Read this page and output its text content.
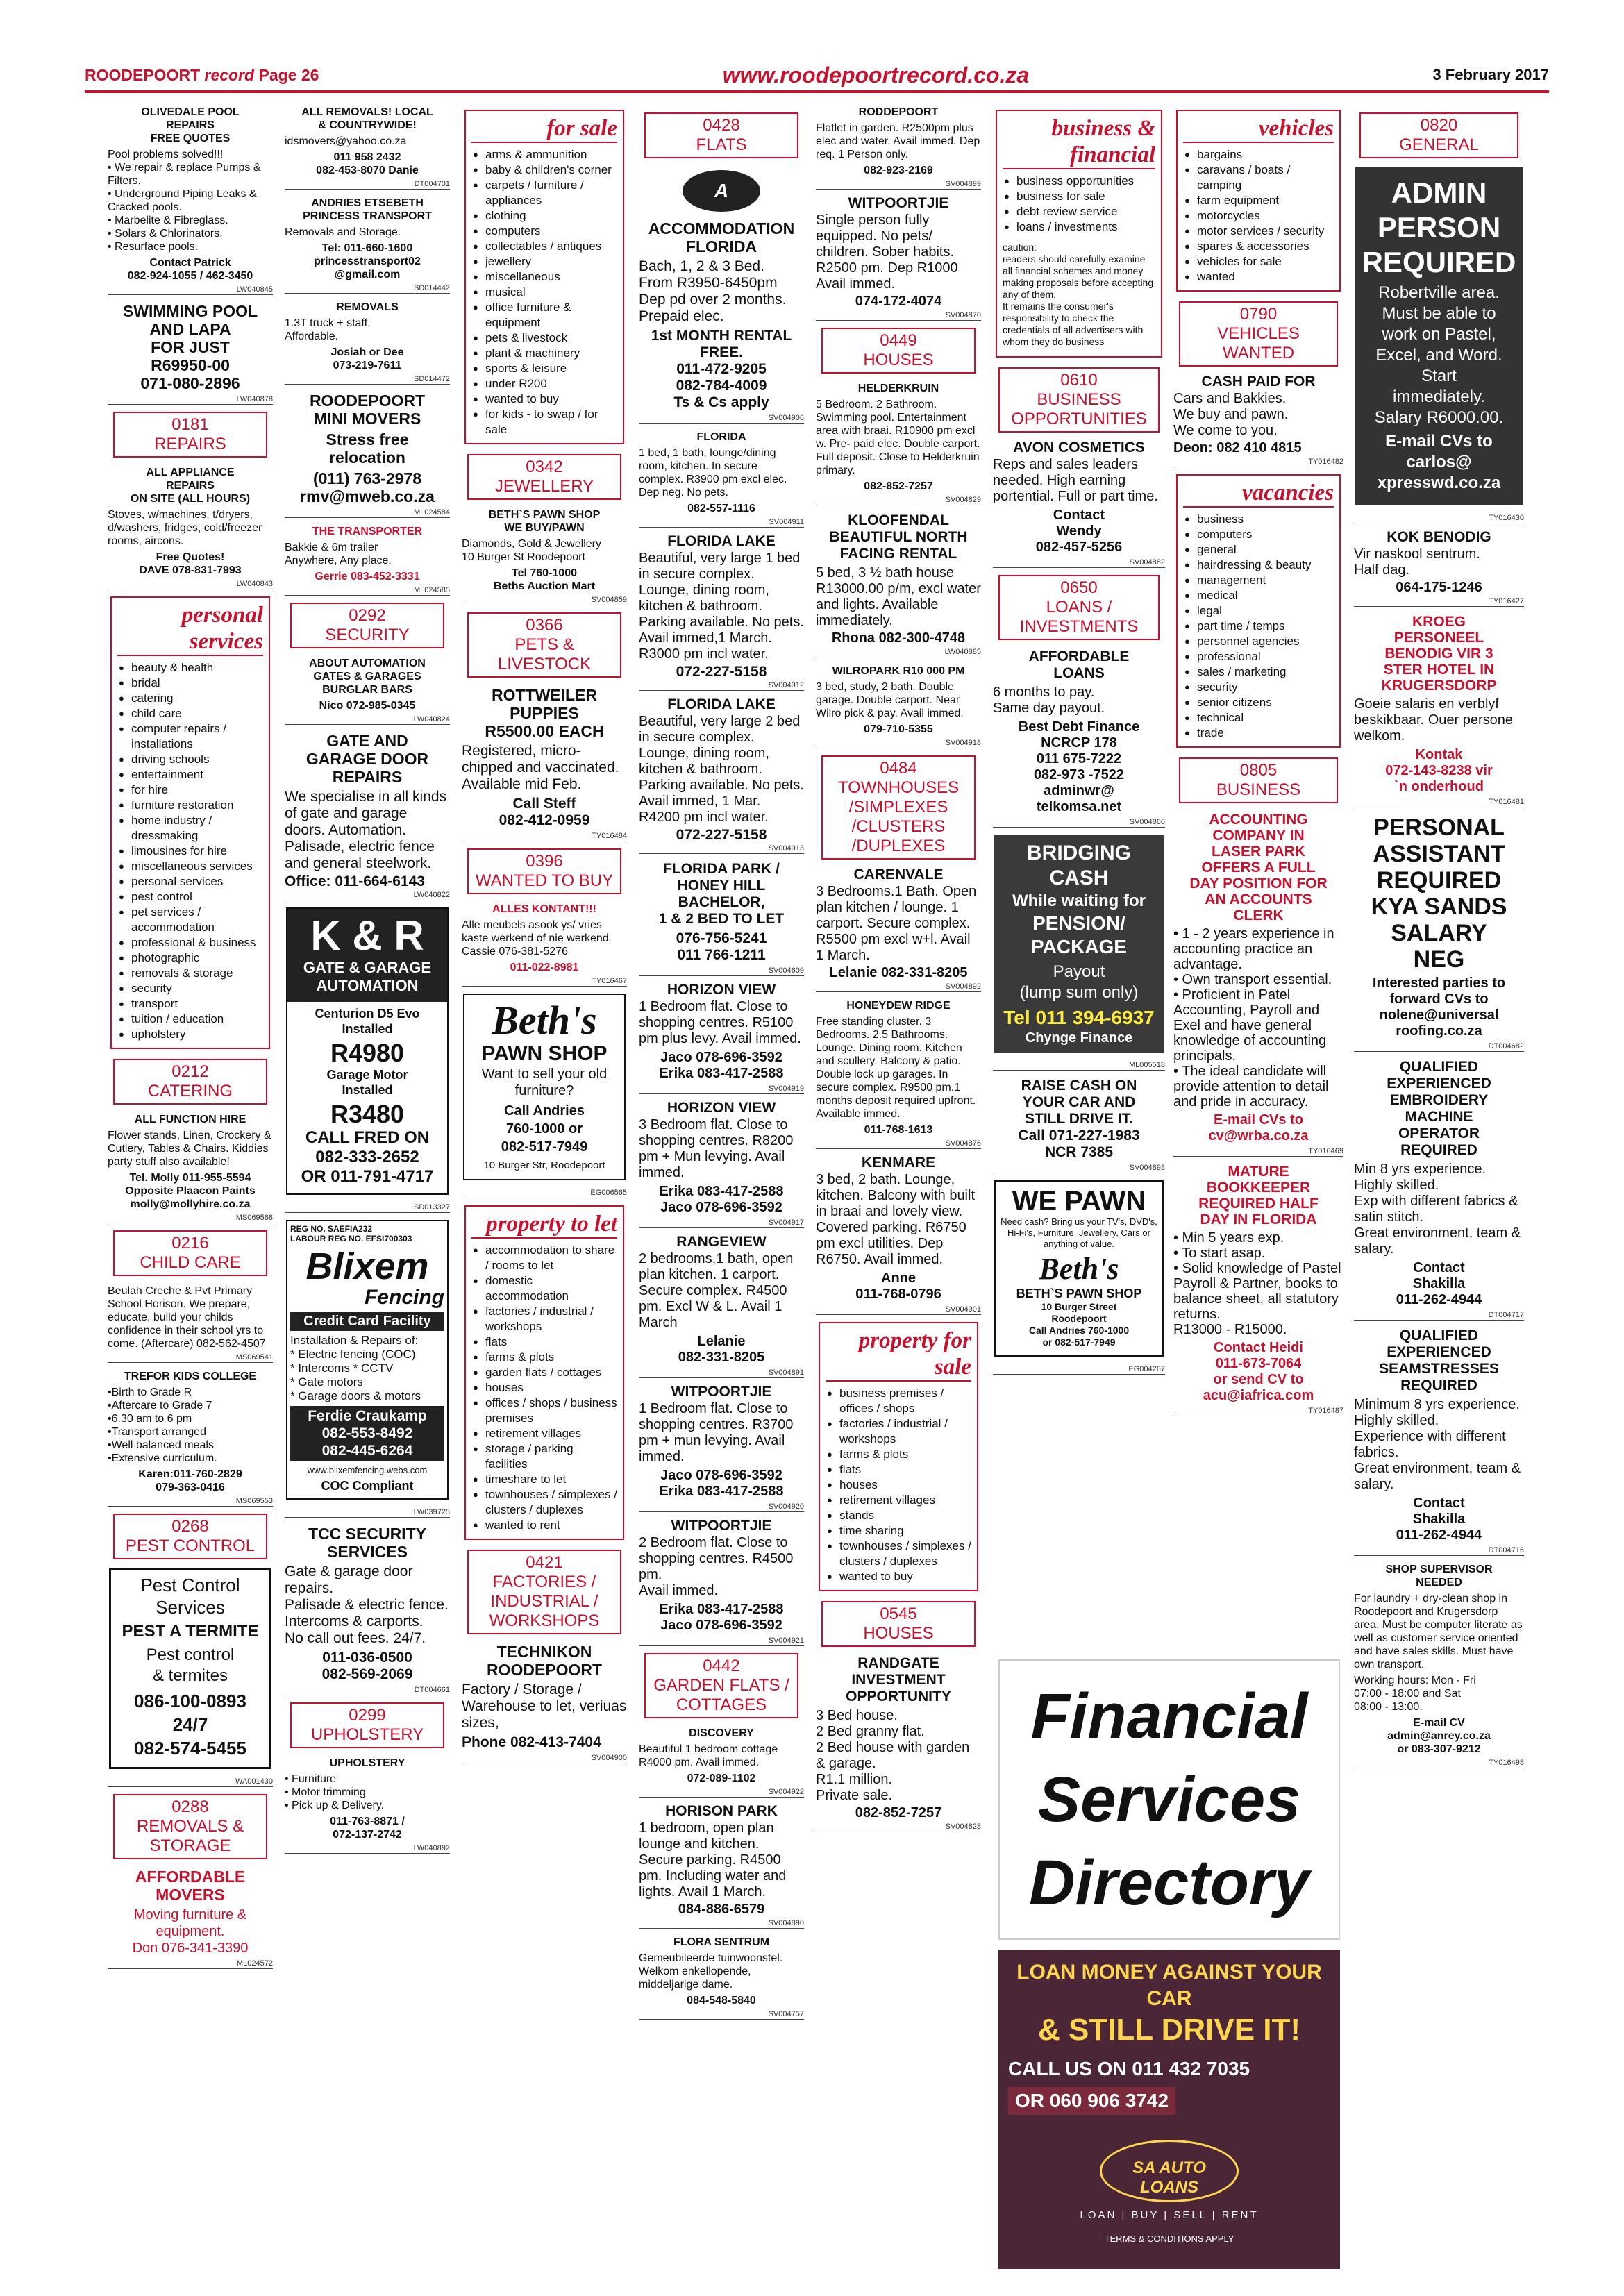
ROODEPOORT record Page 26	www.roodepoortrecord.co.za	3 February 2017
OLIVEDALE POOL
REPAIRS
FREE QUOTES
Pool problems solved!!!
• We repair & replace Pumps & Filters.
• Underground Piping Leaks & Cracked pools.
• Marbelite & Fibreglass.
• Solars & Chlorinators.
• Resurface pools.
Contact Patrick
082-924-1055 / 462-3450
LW040845
SWIMMING POOL
AND LAPA
FOR JUST
R69950-00
071-080-2896
LW040878
0181
REPAIRS
ALL APPLIANCE
REPAIRS
ON SITE (ALL HOURS)
Stoves, w/machines, t/dryers, d/washers, fridges, cold/freezer rooms, aircons.
Free Quotes!
DAVE 078-831-7993
LW040843
personal services
● beauty & health
● bridal
● catering
● child care
● computer repairs / installations
● driving schools
● entertainment
● for hire
● furniture restoration
● home industry / dressmaking
● limousines for hire
● miscellaneous services
● personal services
● pest control
● pet services / accommodation
● professional & business
● photographic
● removals & storage
● security
● transport
● tuition / education
● upholstery
0212
CATERING
ALL FUNCTION HIRE
Flower stands, Linen, Crockery & Cutlery, Tables & Chairs. Kiddies party stuff also available!
Tel. Molly 011-955-5594
Opposite Plaacon Paints
molly@mollyhire.co.za
MS069568
0216
CHILD CARE
Beulah Creche & Pvt Primary School Horison. We prepare, educate, build your childs confidence in their school yrs to come. (Aftercare) 082-562-4507
MS069541
TREFOR KIDS COLLEGE
•Birth to Grade R
•Aftercare to Grade 7
•6.30 am to 6 pm
•Transport arranged
•Well balanced meals
•Extensive curriculum.
Karen:011-760-2829
079-363-0416
MS069553
0268
PEST CONTROL
Pest Control
Services
PEST A TERMITE
Pest control
& termites
086-100-0893
24/7
082-574-5455
WA001430
0288
REMOVALS &
STORAGE
AFFORDABLE
MOVERS
Moving furniture &
equipment.
Don 076-341-3390
ML024572
ALL REMOVALS! LOCAL
& COUNTRYWIDE!
idsmovers@yahoo.co.za
011 958 2432
082-453-8070 Danie
DT004701
ANDRIES ETSEBETH
PRINCESS TRANSPORT
Removals and Storage.
Tel: 011-660-1600
princesstransport02
@gmail.com
SD014442
REMOVALS
1.3T truck + staff.
Affordable.
Josiah or Dee
073-219-7611
SD014472
ROODEPOORT
MINI MOVERS
Stress free
relocation
(011) 763-2978
rmv@mweb.co.za
ML024584
THE TRANSPORTER
Bakkie & 6m trailer
Anywhere, Any place.
Gerrie 083-452-3331
ML024585
0292
SECURITY
ABOUT AUTOMATION
GATES & GARAGES
BURGLAR BARS
Nico 072-985-0345
LW040824
GATE AND
GARAGE DOOR
REPAIRS
We specialise in all kinds of gate and garage doors. Automation. Palisade, electric fence and general steelwork.
Office: 011-664-6143
LW040822
K & R
GATE & GARAGE
AUTOMATION
Centurion D5 Evo
Installed
R4980
Garage Motor
Installed
R3480
CALL FRED ON
082-333-2652
OR 011-791-4717
SD013327
REG NO. SAEFIA232
LABOUR REG NO. EFSI700303
Blixem
Fencing
Credit Card Facility
Installation & Repairs of:
* Electric fencing (COC)
* Intercoms * CCTV
* Gate motors
* Garage doors & motors
Ferdie Craukamp
082-553-8492
082-445-6264
www.blixemfencing.webs.com
COC Compliant
LW039725
TCC SECURITY
SERVICES
Gate & garage door repairs.
Palisade & electric fence.
Intercoms & carports.
No call out fees. 24/7.
011-036-0500
082-569-2069
DT004661
0299
UPHOLSTERY
UPHOLSTERY
• Furniture
• Motor trimming
• Pick up & Delivery.
011-763-8871 /
072-137-2742
LW040892
for sale
● arms & ammunition
● baby & children's corner
● carpets / furniture / appliances
● clothing
● computers
● collectables / antiques
● jewellery
● miscellaneous
● musical
● office furniture & equipment
● pets & livestock
● plant & machinery
● sports & leisure
● under R200
● wanted to buy
● for kids - to swap / for sale
0342
JEWELLERY
BETH`S PAWN SHOP
WE BUY/PAWN
Diamonds, Gold & Jewellery
10 Burger St Roodepoort
Tel 760-1000
Beths Auction Mart
SV004859
0366
PETS & LIVESTOCK
ROTTWEILER
PUPPIES
R5500.00 EACH
Registered, micro-chipped and vaccinated.
Available mid Feb.
Call Steff
082-412-0959
TY016484
0396
WANTED TO BUY
ALLES KONTANT!!!
Alle meubels asook ys/ vries kaste werkend of nie werkend.
Cassie 076-381-5276
011-022-8981
TY016467
Beth's
PAWN SHOP
Want to sell your old furniture?
Call Andries
760-1000 or
082-517-7949
10 Burger Str, Roodepoort
EG006565
property to let
● accommodation to share / rooms to let
● domestic accommodation
● factories / industrial / workshops
● flats
● farms & plots
● garden flats / cottages
● houses
● offices / shops / business premises
● retirement villages
● storage / parking facilities
● timeshare to let
● townhouses / simplexes / clusters / duplexes
● wanted to rent
0421
FACTORIES /
INDUSTRIAL /
WORKSHOPS
TECHNIKON
ROODEPOORT
Factory / Storage / Warehouse to let, veriuas sizes,
Phone 082-413-7404
SV004900
0428
FLATS
A
ACCOMMODATION
FLORIDA
Bach, 1, 2 & 3 Bed.
From R3950-6450pm
Dep pd over 2 months. Prepaid elec.
1st MONTH RENTAL
FREE.
011-472-9205
082-784-4009
Ts & Cs apply
SV004906
FLORIDA
1 bed, 1 bath, lounge/dining room, kitchen. In secure complex. R3900 pm excl elec. Dep neg. No pets.
082-557-1116
SV004911
FLORIDA LAKE
Beautiful, very large 1 bed in secure complex. Lounge, dining room, kitchen & bathroom. Parking available. No pets. Avail immed,1 March. R3000 pm incl water.
072-227-5158
SV004912
FLORIDA LAKE
Beautiful, very large 2 bed in secure complex. Lounge, dining room, kitchen & bathroom. Parking available. No pets. Avail immed, 1 Mar. R4200 pm incl water.
072-227-5158
SV004913
FLORIDA PARK /
HONEY HILL
BACHELOR,
1 & 2 BED TO LET
076-756-5241
011 766-1211
SV004609
HORIZON VIEW
1 Bedroom flat. Close to shopping centres. R5100 pm plus levy. Avail immed.
Jaco 078-696-3592
Erika 083-417-2588
SV004919
HORIZON VIEW
3 Bedroom flat. Close to shopping centres. R8200 pm + Mun levying. Avail immed.
Erika 083-417-2588
Jaco 078-696-3592
SV004917
RANGEVIEW
2 bedrooms,1 bath, open plan kitchen. 1 carport. Secure complex. R4500 pm. Excl W & L. Avail 1 March
Lelanie
082-331-8205
SV004891
WITPOORTJIE
1 Bedroom flat. Close to shopping centres. R3700 pm + mun levying. Avail immed.
Jaco 078-696-3592
Erika 083-417-2588
SV004920
WITPOORTJIE
2 Bedroom flat. Close to shopping centres. R4500 pm.
Avail immed.
Erika 083-417-2588
Jaco 078-696-3592
SV004921
0442
GARDEN FLATS /
COTTAGES
DISCOVERY
Beautiful 1 bedroom cottage R4000 pm. Avail immed.
072-089-1102
SV004922
HORISON PARK
1 bedroom, open plan lounge and kitchen. Secure parking. R4500 pm. Including water and lights. Avail 1 March.
084-886-6579
SV004890
FLORA SENTRUM
Gemeubileerde tuinwoonstel. Welkom enkellopende, middeljarige dame.
084-548-5840
SV004757
RODDEPOORT
Flatlet in garden. R2500pm plus elec and water. Avail immed. Dep req. 1 Person only.
082-923-2169
SV004899
WITPOORTJIE
Single person fully equipped. No pets/ children. Sober habits. R2500 pm. Dep R1000 Avail immed.
074-172-4074
SV004870
0449
HOUSES
HELDERKRUIN
5 Bedroom. 2 Bathroom. Swimming pool. Entertainment area with braai. R10900 pm excl w. Pre- paid elec. Double carport. Full deposit. Close to Helderkruin primary.
082-852-7257
SV004829
KLOOFENDAL
BEAUTIFUL NORTH
FACING RENTAL
5 bed, 3 ½ bath house R13000.00 p/m, excl water and lights. Available immediately.
Rhona 082-300-4748
LW040885
WILROPARK R10 000 PM
3 bed, study, 2 bath. Double garage. Double carport. Near Wilro pick & pay. Avail immed.
079-710-5355
SV004918
0484
TOWNHOUSES
/SIMPLEXES
/CLUSTERS
/DUPLEXES
CARENVALE
3 Bedrooms.1 Bath. Open plan kitchen / lounge. 1 carport. Secure complex. R5500 pm excl w+l. Avail 1 March.
Lelanie 082-331-8205
SV004892
HONEYDEW RIDGE
Free standing cluster. 3 Bedrooms. 2.5 Bathrooms. Lounge. Dining room. Kitchen and scullery. Balcony & patio. Double lock up garages. In secure complex. R9500 pm.1 months deposit required upfront. Available immed.
011-768-1613
SV004876
KENMARE
3 bed, 2 bath. Lounge, kitchen. Balcony with built in braai and lovely view. Covered parking. R6750 pm excl utilities. Dep R6750. Avail immed.
Anne
011-768-0796
SV004901
property for sale
● business premises / offices / shops
● factories / industrial / workshops
● farms & plots
● flats
● houses
● retirement villages
● stands
● time sharing
● townhouses / simplexes / clusters / duplexes
● wanted to buy
0545
HOUSES
RANDGATE
INVESTMENT
OPPORTUNITY
3 Bed house.
2 Bed granny flat.
2 Bed house with garden & garage.
R1.1 million.
Private sale.
082-852-7257
SV004828
business & financial
● business opportunities
● business for sale
● debt review service
● loans / investments
caution:
readers should carefully examine all financial schemes and money making proposals before accepting any of them.
It remains the consumer's responsibility to check the credentials of all advertisers with whom they do business
0610
BUSINESS
OPPORTUNITIES
AVON COSMETICS
Reps and sales leaders needed. High earning portential. Full or part time.
Contact
Wendy
082-457-5256
SV004882
0650
LOANS /
INVESTMENTS
AFFORDABLE
LOANS
6 months to pay.
Same day payout.
Best Debt Finance
NCRCP 178
011 675-7222
082-973 -7522
adminwr@
telkomsa.net
SV004866
BRIDGING CASH
While waiting for
PENSION/
PACKAGE
Payout
(lump sum only)
Tel 011 394-6937
Chynge Finance
ML005518
RAISE CASH ON
YOUR CAR AND
STILL DRIVE IT.
Call 071-227-1983
NCR 7385
SV004898
WE PAWN
Need cash? Bring us your TV's, DVD's, Hi-Fi's, Furniture, Jewellery, Cars or anything of value.
Beth's
BETH`S PAWN SHOP
10 Burger Street
Roodepoort
Call Andries 760-1000
or 082-517-7949
EG004267
vehicles
● bargains
● caravans / boats / camping
● farm equipment
● motorcycles
● motor services / security
● spares & accessories
● vehicles for sale
● wanted
0790
VEHICLES WANTED
CASH PAID FOR
Cars and Bakkies.
We buy and pawn.
We come to you.
Deon: 082 410 4815
TY016482
vacancies
● business
● computers
● general
● hairdressing & beauty
● management
● medical
● legal
● part time / temps
● personnel agencies
● professional
● sales / marketing
● security
● senior citizens
● technical
● trade
0805
BUSINESS
ACCOUNTING
COMPANY IN
LASER PARK
OFFERS A FULL
DAY POSITION FOR
AN ACCOUNTS
CLERK
• 1 - 2 years experience in accounting practice an advantage.
• Own transport essential.
• Proficient in Patel Accounting, Payroll and Exel and have general knowledge of accounting principals.
• The ideal candidate will provide attention to detail and pride in accuracy.
E-mail CVs to
cv@wrba.co.za
TY016469
MATURE
BOOKKEEPER
REQUIRED HALF
DAY IN FLORIDA
• Min 5 years exp.
• To start asap.
• Solid knowledge of Pastel Payroll & Partner, books to balance sheet, all statutory returns.
R13000 - R15000.
Contact Heidi
011-673-7064
or send CV to
acu@iafrica.com
TY016487
Financial
Services
Directory
LOAN MONEY AGAINST YOUR CAR
& STILL DRIVE IT!
CALL US ON 011 432 7035
OR 060 906 3742
SA AUTO LOANS
LOAN | BUY | SELL | RENT
TERMS & CONDITIONS APPLY
0820
GENERAL
ADMIN
PERSON
REQUIRED
Robertville area.
Must be able to
work on Pastel,
Excel, and Word.
Start
immediately.
Salary R6000.00.
E-mail CVs to
carlos@
xpresswd.co.za
TY016430
KOK BENODIG
Vir naskool sentrum.
Half dag.
064-175-1246
TY016427
KROEG
PERSONEEL
BENODIG VIR 3
STER HOTEL IN
KRUGERSDORP
Goeie salaris en verblyf beskikbaar. Ouer persone welkom.
Kontak
072-143-8238 vir
`n onderhoud
TY016481
PERSONAL
ASSISTANT
REQUIRED
KYA SANDS
SALARY
NEG
Interested parties to
forward CVs to
nolene@universal
roofing.co.za
DT004682
QUALIFIED
EXPERIENCED
EMBROIDERY
MACHINE
OPERATOR
REQUIRED
Min 8 yrs experience.
Highly skilled.
Exp with different fabrics & satin stitch.
Great environment, team & salary.
Contact
Shakilla
011-262-4944
DT004717
QUALIFIED
EXPERIENCED
SEAMSTRESSES
REQUIRED
Minimum 8 yrs experience.
Highly skilled.
Experience with different fabrics.
Great environment, team & salary.
Contact
Shakilla
011-262-4944
DT004716
SHOP SUPERVISOR
NEEDED
For laundry + dry-clean shop in Roodepoort and Krugersdorp area. Must be computer literate as well as customer service oriented and have sales skills. Must have own transport.
Working hours: Mon - Fri
07:00 - 18:00 and Sat
08:00 - 13:00.
E-mail CV
admin@anrey.co.za
or 083-307-9212
TY016498
